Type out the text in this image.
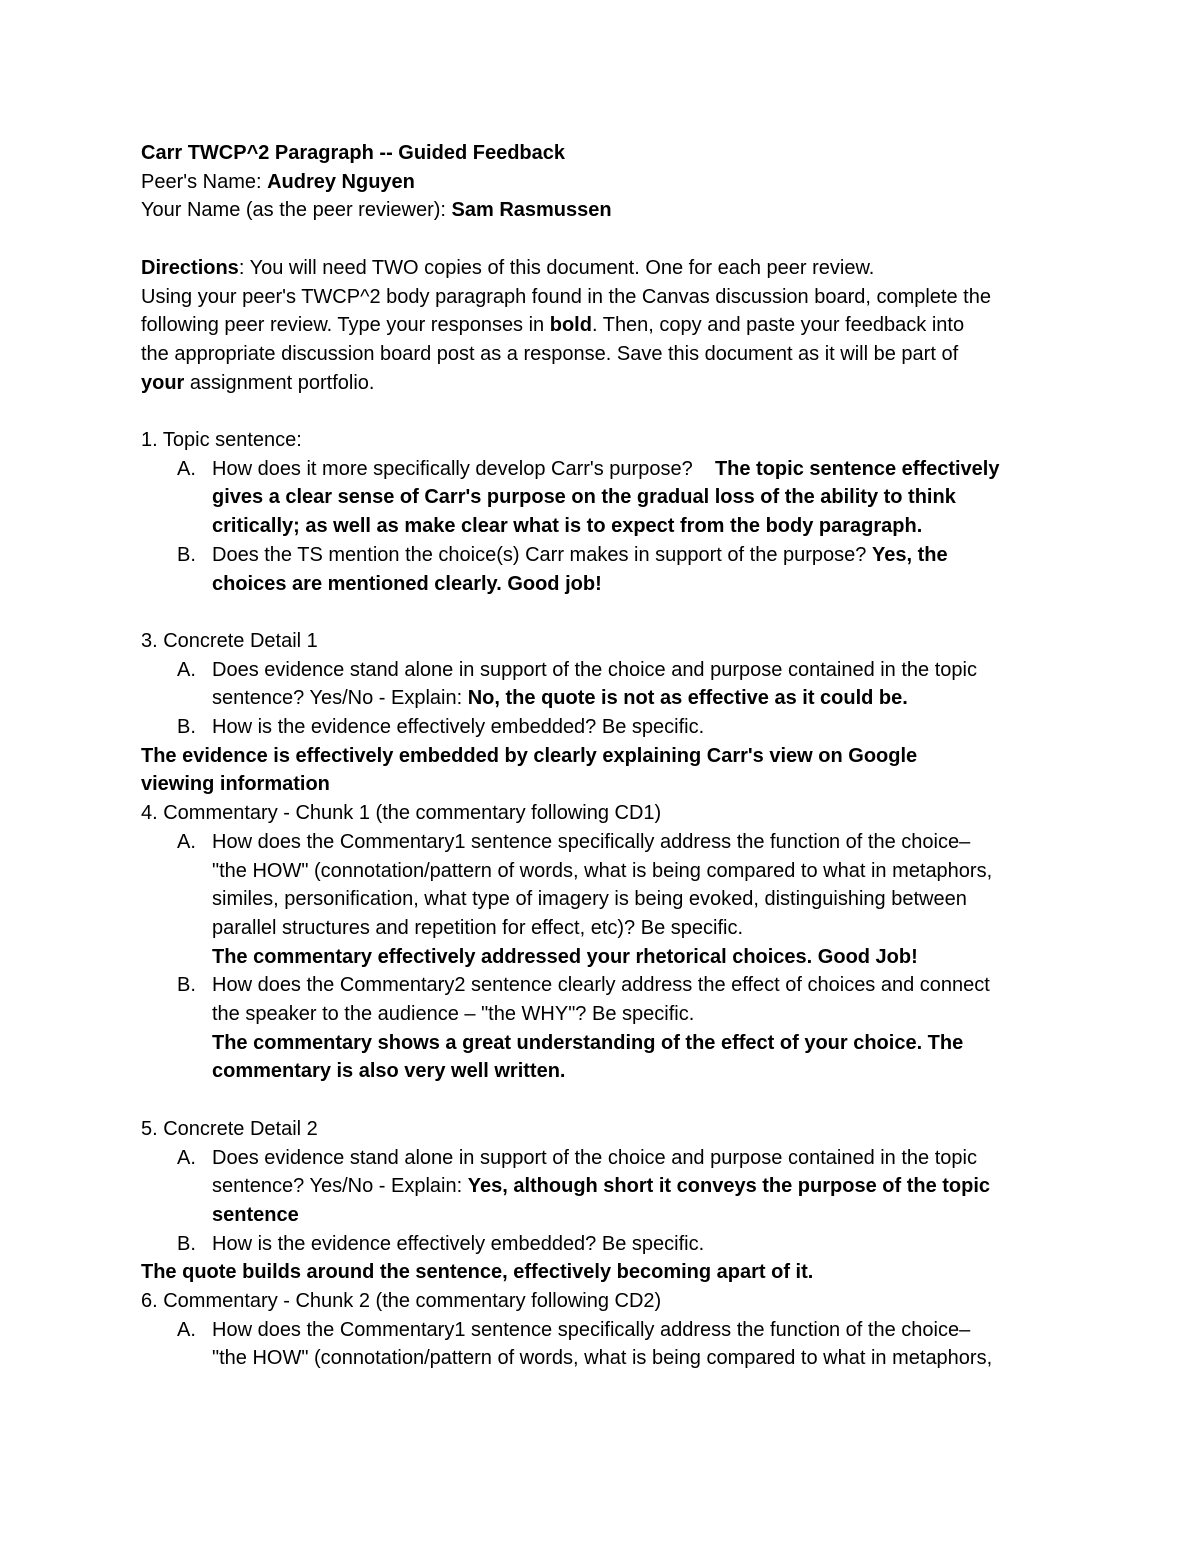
Carr TWCP^2 Paragraph -- Guided Feedback
Peer's Name: Audrey Nguyen
Your Name (as the peer reviewer): Sam Rasmussen
Directions: You will need TWO copies of this document. One for each peer review.
Using your peer's TWCP^2 body paragraph found in the Canvas discussion board, complete the
following peer review. Type your responses in bold. Then, copy and paste your feedback into
the appropriate discussion board post as a response. Save this document as it will be part of
your assignment portfolio.
1. Topic sentence:
A. How does it more specifically develop Carr's purpose? The topic sentence effectively
gives a clear sense of Carr's purpose on the gradual loss of the ability to think
critically; as well as make clear what is to expect from the body paragraph.
B. Does the TS mention the choice(s) Carr makes in support of the purpose? Yes, the
choices are mentioned clearly. Good job!
3. Concrete Detail 1
A. Does evidence stand alone in support of the choice and purpose contained in the topic
sentence? Yes/No - Explain: No, the quote is not as effective as it could be.
B. How is the evidence effectively embedded? Be specific.
The evidence is effectively embedded by clearly explaining Carr's view on Google
viewing information
4. Commentary - Chunk 1 (the commentary following CD1)
A. How does the Commentary1 sentence specifically address the function of the choice–
"the HOW" (connotation/pattern of words, what is being compared to what in metaphors,
similes, personification, what type of imagery is being evoked, distinguishing between
parallel structures and repetition for effect, etc)? Be specific.
The commentary effectively addressed your rhetorical choices. Good Job!
B. How does the Commentary2 sentence clearly address the effect of choices and connect
the speaker to the audience – "the WHY"? Be specific.
The commentary shows a great understanding of the effect of your choice. The
commentary is also very well written.
5. Concrete Detail 2
A. Does evidence stand alone in support of the choice and purpose contained in the topic
sentence? Yes/No - Explain: Yes, although short it conveys the purpose of the topic
sentence
B. How is the evidence effectively embedded? Be specific.
The quote builds around the sentence, effectively becoming apart of it.
6. Commentary - Chunk 2 (the commentary following CD2)
A. How does the Commentary1 sentence specifically address the function of the choice–
"the HOW" (connotation/pattern of words, what is being compared to what in metaphors,
